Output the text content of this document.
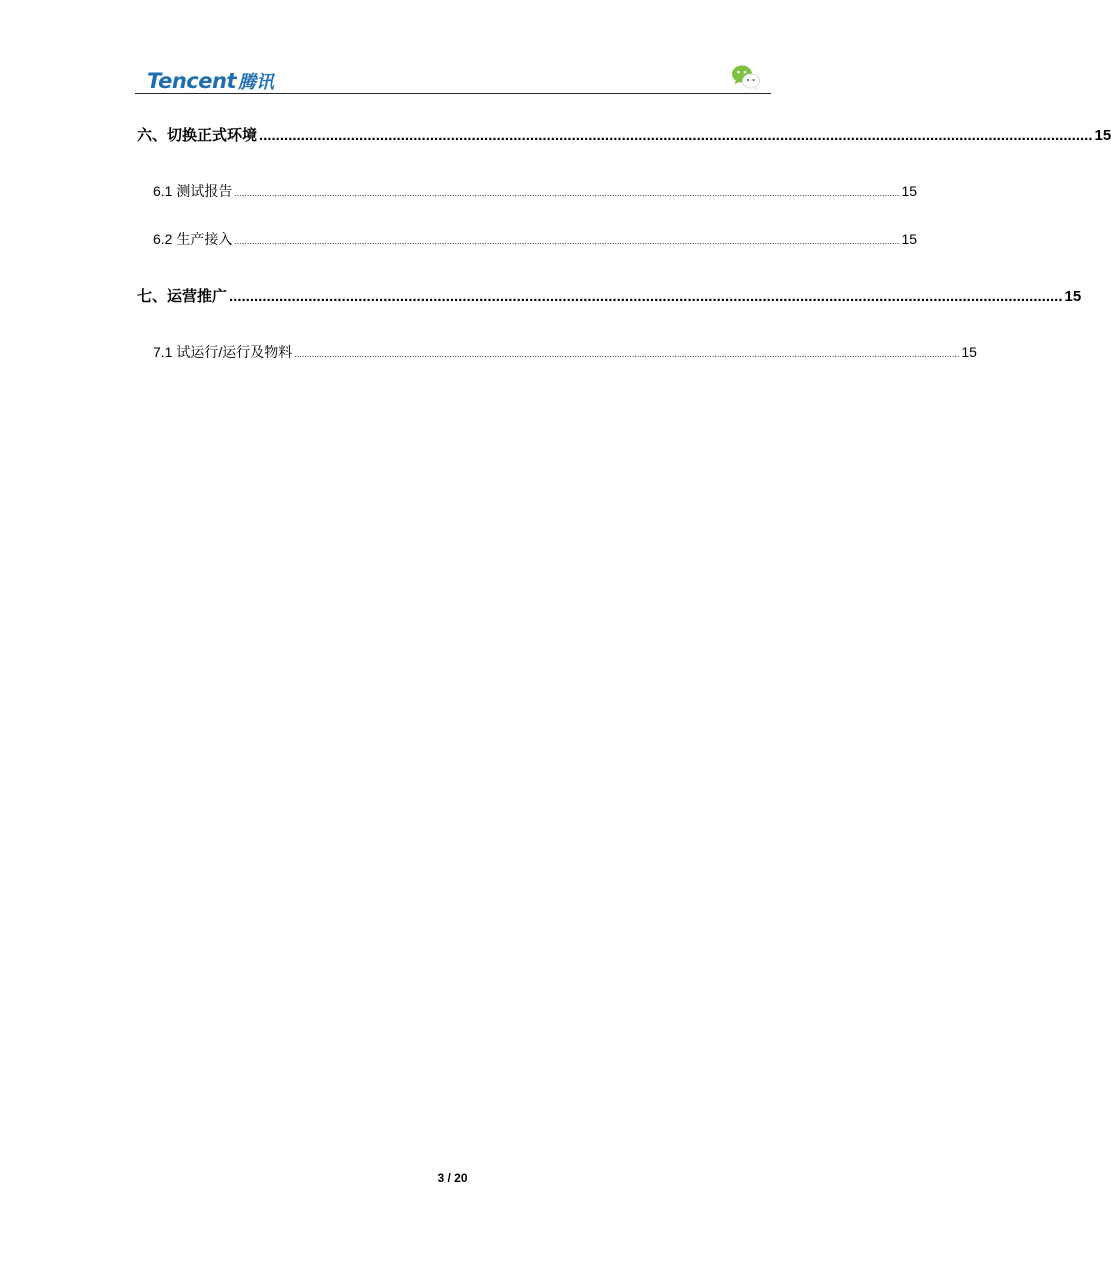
Tencent 腾讯
六、切换正式环境 ........................................................................................................................................................................................................ 15
6.1 测试报告 .......................................................................................................................................................................................................................................................................... 15
6.2 生产接入 .......................................................................................................................................................................................................................................................................... 15
七、运营推广 ........................................................................................................................................................................................................ 15
7.1 试运行/运行及物料 .......................................................................................................................................................................................................................................................................... 15
3 / 20
